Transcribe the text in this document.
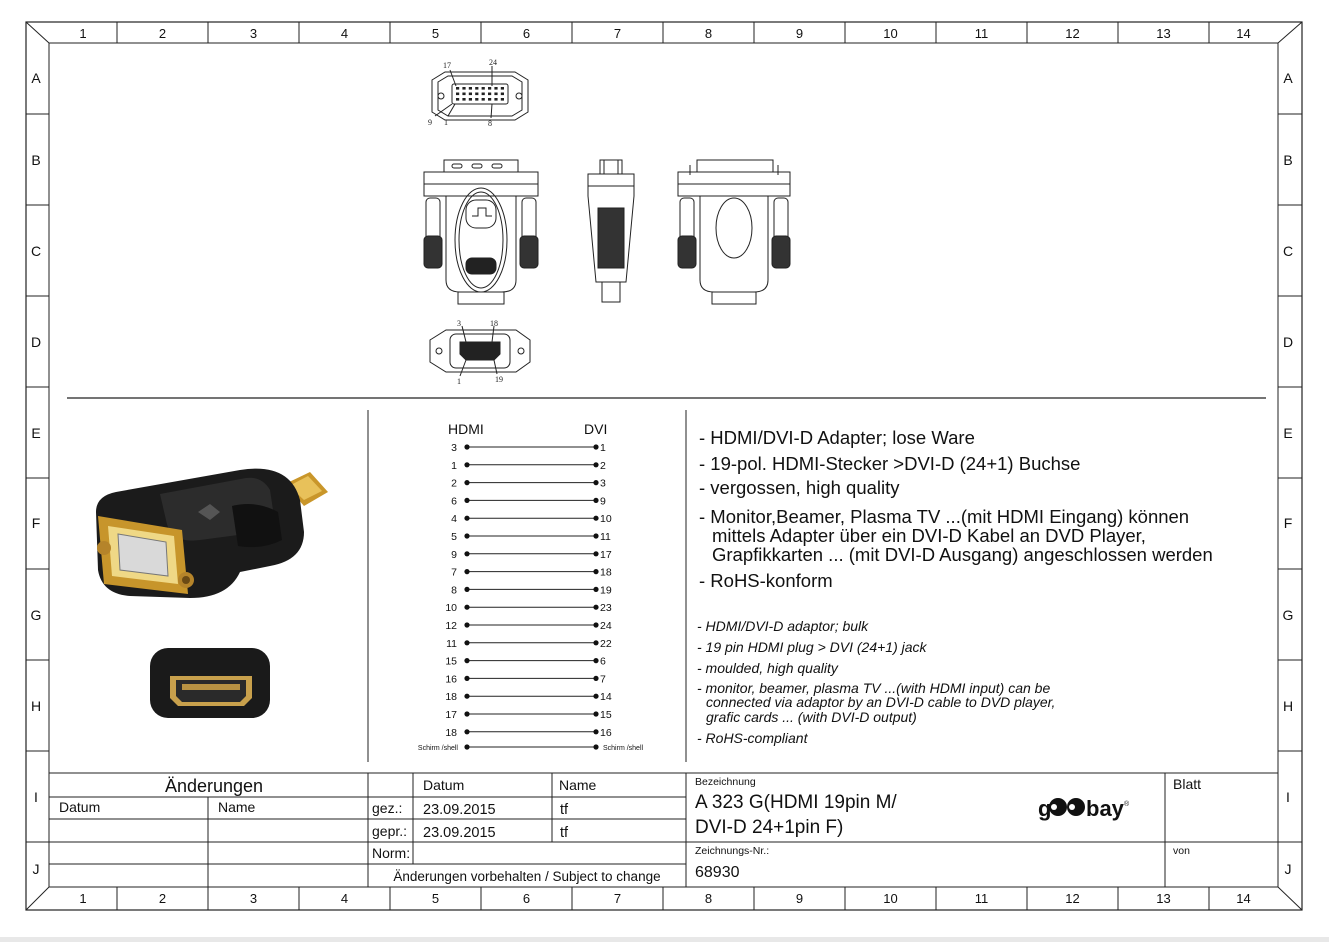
1
1
2
2
3
3
4
4
5
5
6
6
7
7
8
8
9
9
10
10
11
11
12
12
13
13
14
14
A	A
B	B
C	C
D	D
E	E
F	F
G	G
H	H
I	I
J	J
17	24
9 1	8
3	18
1	19
HDMI	DVI
3	1
1	2
2	3
6	9
4	10
5	11
9	17
7	18
8	19
10	23
12	24
11	22
15	6
16	7
18	14
17	15
18	16
Schirm /shell	Schirm /shell
Änderungen
Datum	Name
Datum	Name
gez.: 23.09.2015	tf
gepr.: 23.09.2015	tf
Norm:
Änderungen vorbehalten / Subject to change
Bezeichnung
A 323 G(HDMI 19pin M/
DVI-D 24+1pin F)
Zeichnungs-Nr.:
68930
Blatt
von
g bay ®
- HDMI/DVI-D Adapter; lose Ware
- 19-pol. HDMI-Stecker >DVI-D (24+1) Buchse
- vergossen, high quality
- Monitor,Beamer, Plasma TV ...(mit HDMI Eingang) können
mittels Adapter über ein DVI-D Kabel an DVD Player,
Grapfikkarten ... (mit DVI-D Ausgang) angeschlossen werden
- RoHS-konform
- HDMI/DVI-D adaptor; bulk
- 19 pin HDMI plug > DVI (24+1) jack
- moulded, high quality
- monitor, beamer, plasma TV ...(with HDMI input) can be
connected via adaptor by an DVI-D cable to DVD player,
grafic cards ... (with DVI-D output)
- RoHS-compliant
